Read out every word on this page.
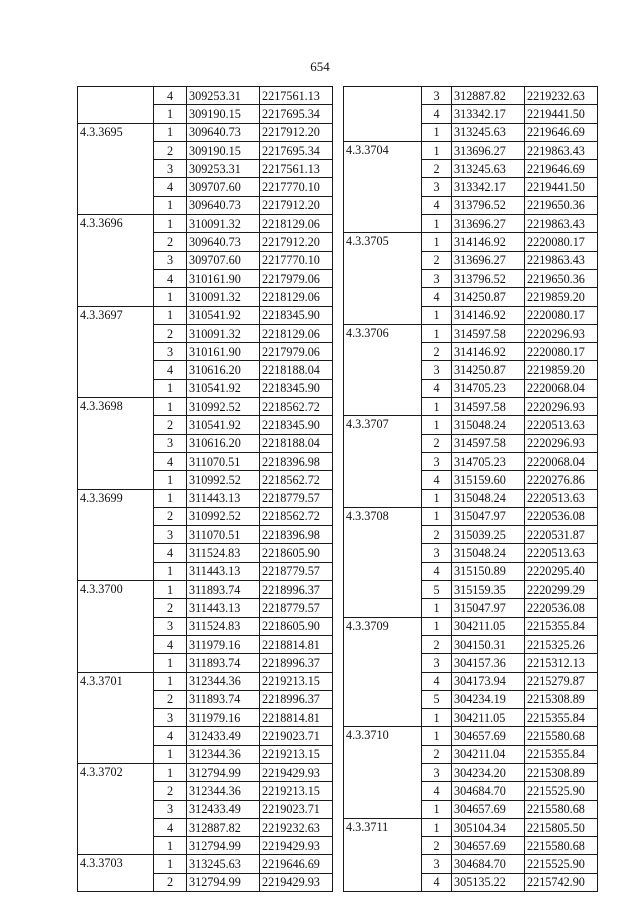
654
	4	309253.31	2217561.13
	1	309190.15	2217695.34
4.3.3695	1	309640.73	2217912.20
	2	309190.15	2217695.34
	3	309253.31	2217561.13
	4	309707.60	2217770.10
	1	309640.73	2217912.20
4.3.3696	1	310091.32	2218129.06
	2	309640.73	2217912.20
	3	309707.60	2217770.10
	4	310161.90	2217979.06
	1	310091.32	2218129.06
4.3.3697	1	310541.92	2218345.90
	2	310091.32	2218129.06
	3	310161.90	2217979.06
	4	310616.20	2218188.04
	1	310541.92	2218345.90
4.3.3698	1	310992.52	2218562.72
	2	310541.92	2218345.90
	3	310616.20	2218188.04
	4	311070.51	2218396.98
	1	310992.52	2218562.72
4.3.3699	1	311443.13	2218779.57
	2	310992.52	2218562.72
	3	311070.51	2218396.98
	4	311524.83	2218605.90
	1	311443.13	2218779.57
4.3.3700	1	311893.74	2218996.37
	2	311443.13	2218779.57
	3	311524.83	2218605.90
	4	311979.16	2218814.81
	1	311893.74	2218996.37
4.3.3701	1	312344.36	2219213.15
	2	311893.74	2218996.37
	3	311979.16	2218814.81
	4	312433.49	2219023.71
	1	312344.36	2219213.15
4.3.3702	1	312794.99	2219429.93
	2	312344.36	2219213.15
	3	312433.49	2219023.71
	4	312887.82	2219232.63
	1	312794.99	2219429.93
4.3.3703	1	313245.63	2219646.69
	2	312794.99	2219429.93
	3	312887.82	2219232.63
	4	313342.17	2219441.50
	1	313245.63	2219646.69
4.3.3704	1	313696.27	2219863.43
	2	313245.63	2219646.69
	3	313342.17	2219441.50
	4	313796.52	2219650.36
	1	313696.27	2219863.43
4.3.3705	1	314146.92	2220080.17
	2	313696.27	2219863.43
	3	313796.52	2219650.36
	4	314250.87	2219859.20
	1	314146.92	2220080.17
4.3.3706	1	314597.58	2220296.93
	2	314146.92	2220080.17
	3	314250.87	2219859.20
	4	314705.23	2220068.04
	1	314597.58	2220296.93
4.3.3707	1	315048.24	2220513.63
	2	314597.58	2220296.93
	3	314705.23	2220068.04
	4	315159.60	2220276.86
	1	315048.24	2220513.63
4.3.3708	1	315047.97	2220536.08
	2	315039.25	2220531.87
	3	315048.24	2220513.63
	4	315150.89	2220295.40
	5	315159.35	2220299.29
	1	315047.97	2220536.08
4.3.3709	1	304211.05	2215355.84
	2	304150.31	2215325.26
	3	304157.36	2215312.13
	4	304173.94	2215279.87
	5	304234.19	2215308.89
	1	304211.05	2215355.84
4.3.3710	1	304657.69	2215580.68
	2	304211.04	2215355.84
	3	304234.20	2215308.89
	4	304684.70	2215525.90
	1	304657.69	2215580.68
4.3.3711	1	305104.34	2215805.50
	2	304657.69	2215580.68
	3	304684.70	2215525.90
	4	305135.22	2215742.90
